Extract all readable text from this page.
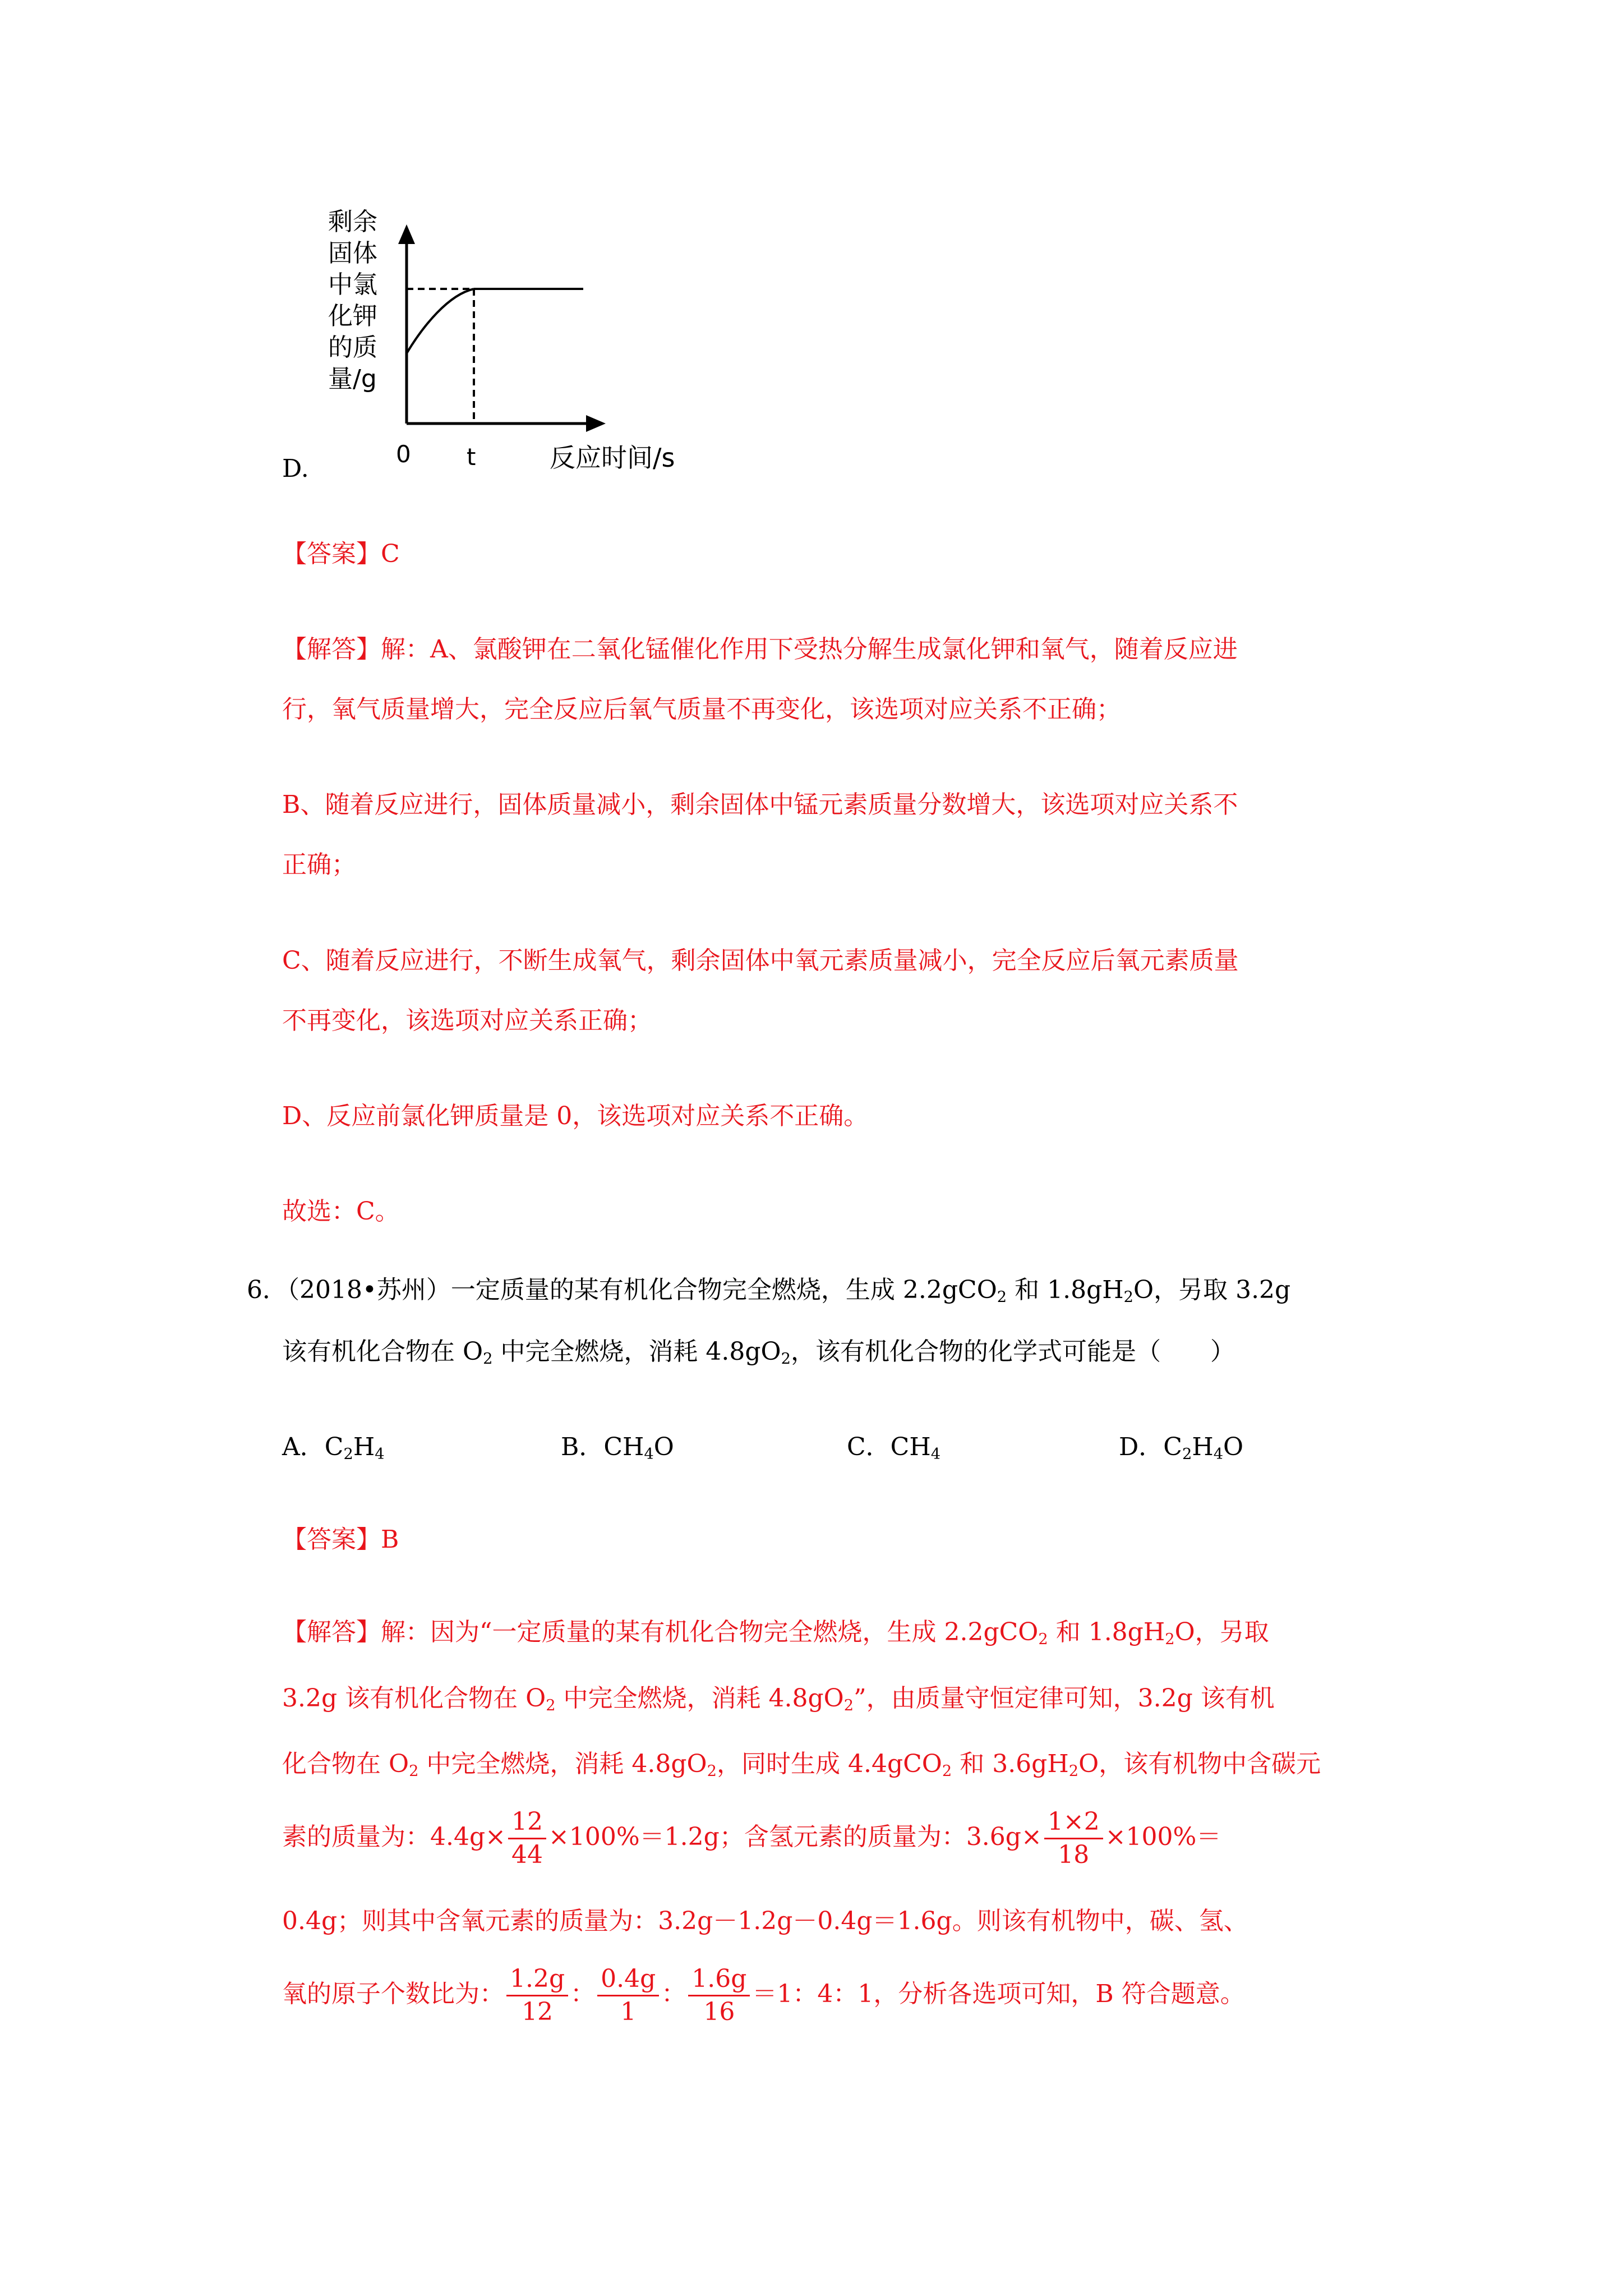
剩余
固体
中氯
化钾
的质
量/g
0 t	反应时间/s
D.
【答案】C
【解答】解：A、氯酸钾在二氧化锰催化作用下受热分解生成氯化钾和氧气，随着反应进
行，氧气质量增大，完全反应后氧气质量不再变化，该选项对应关系不正确；
B、随着反应进行，固体质量减小，剩余固体中锰元素质量分数增大，该选项对应关系不
正确；
C、随着反应进行，不断生成氧气，剩余固体中氧元素质量减小，完全反应后氧元素质量
不再变化，该选项对应关系正确；
D、反应前氯化钾质量是 0，该选项对应关系不正确。
故选：C。
6．（2018•苏州）一定质量的某有机化合物完全燃烧，生成 2.2gCO$_2$ 和 $1.8gH_2O$，另取 3.2g
该有机化合物在 $O_2$ 中完全燃烧，消耗 $4.8gO_2$，该有机化合物的化学式可能是（　　）
A．$C_2H_4$	B．$CH_4O$	C．$CH_4$	D．$C_2H_4O$
【答案】B
【解答】解：因为“一定质量的某有机化合物完全燃烧，生成 2.2gCO$_2$ 和 $1.8gH_2O$，另取
3.2g 该有机化合物在 $O_2$ 中完全燃烧，消耗 $4.8gO_2$”，由质量守恒定律可知，3.2g 该有机
化合物在 $O_2$ 中完全燃烧，消耗 $4.8gO_2$，同时生成 4.4gCO$_2$ 和 $3.6gH_2O$，该有机物中含碳元
素的质量为：$4.4g\times \frac{12}{44} \times 100\%=1.2g$；含氢元素的质量为：$3.6g\times \frac{1\times 2}{18} \times 100\%=$
0.4g；则其中含氧元素的质量为：3.2g－1.2g－0.4g＝1.6g。则该有机物中，碳、氢、
氧的原子个数比为： $\frac{1.2g}{12}$ ： $\frac{0.4g}{1}$ ： $\frac{1.6g}{16} =1$：4：1，分析各选项可知，B 符合题意。
